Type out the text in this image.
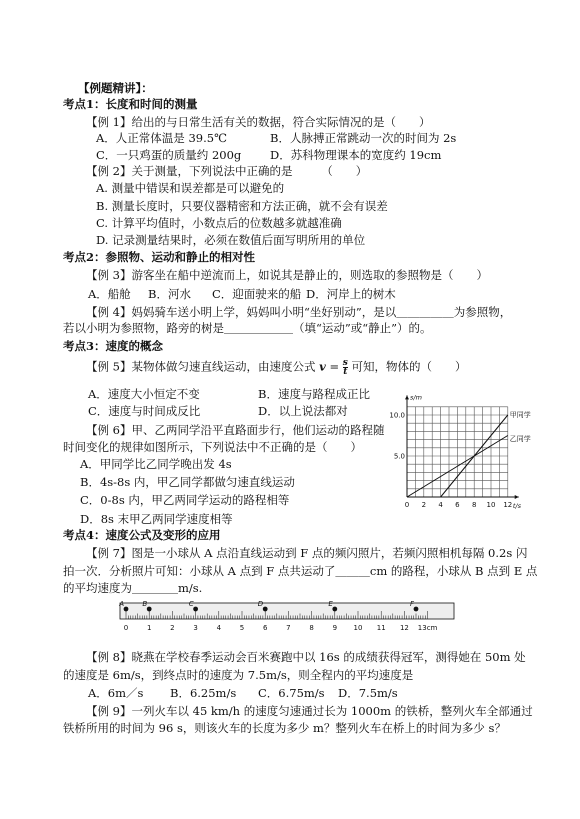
【例题精讲】：
考点1：长度和时间的测量
【例 1】给出的与日常生活有关的数据，符合实际情况的是（　　）
A．人正常体温是 39.5℃	B．人脉搏正常跳动一次的时间为 2s
C．一只鸡蛋的质量约 200g D．苏科物理课本的宽度约 19cm
【例 2】关于测量，下列说法中正确的是　　　（　　）
A. 测量中错误和误差都是可以避免的
B. 测量长度时，只要仪器精密和方法正确，就不会有误差
C. 计算平均值时，小数点后的位数越多就越准确
D. 记录测量结果时，必须在数值后面写明所用的单位
考点2：参照物、运动和静止的相对性
【例 3】游客坐在船中逆流而上，如说其是静止的，则选取的参照物是（　　）
A．船舱 B．河水 C．迎面驶来的船 D．河岸上的树木
【例 4】妈妈骑车送小明上学，妈妈叫小明“坐好别动”，是以＿＿＿＿＿为参照物，
若以小明为参照物，路旁的树是＿＿＿＿＿＿（填“运动”或“静止”）的。
考点3：速度的概念
【例 5】某物体做匀速直线运动，由速度公式 $v = \frac{s}{t}$ 可知，物体的（　　）
A．速度大小恒定不变	B．速度与路程成正比
C．速度与时间成反比	D．以上说法都对
【例 6】甲、乙两同学沿平直路面步行，他们运动的路程随
时间变化的规律如图所示，下列说法中不正确的是（　　）
A．甲同学比乙同学晚出发 4s
B．4s-8s 内，甲乙同学都做匀速直线运动
C．0-8s 内，甲乙两同学运动的路程相等
D．8s 末甲乙两同学速度相等
0 2 4 6 8 10 12
5.0
10.0
s/m
t/s
甲同学
乙同学
考点4：速度公式及变形的应用
【例 7】图是一小球从 A 点沿直线运动到 F 点的频闪照片，若频闪照相机每隔 0.2s 闪
拍一次．分析照片可知：小球从 A 点到 F 点共运动了＿＿＿cm 的路程，小球从 B 点到 E 点
的平均速度为＿＿＿＿m/s.
0	1	2	3	4	5	6	7	8	9 10 11 12 13cm
A	B	C	D	E	F
【例 8】晓燕在学校春季运动会百米赛跑中以 16s 的成绩获得冠军，测得她在 50m 处
的速度是 6m/s，到终点时的速度为 7.5m/s，则全程内的平均速度是
A．6m／s B．6.25m/s C．6.75m/s D．7.5m/s
【例 9】一列火车以 45 km/h 的速度匀速通过长为 1000m 的铁桥，整列火车全部通过
铁桥所用的时间为 96 s，则该火车的长度为多少 m？整列火车在桥上的时间为多少 s？
